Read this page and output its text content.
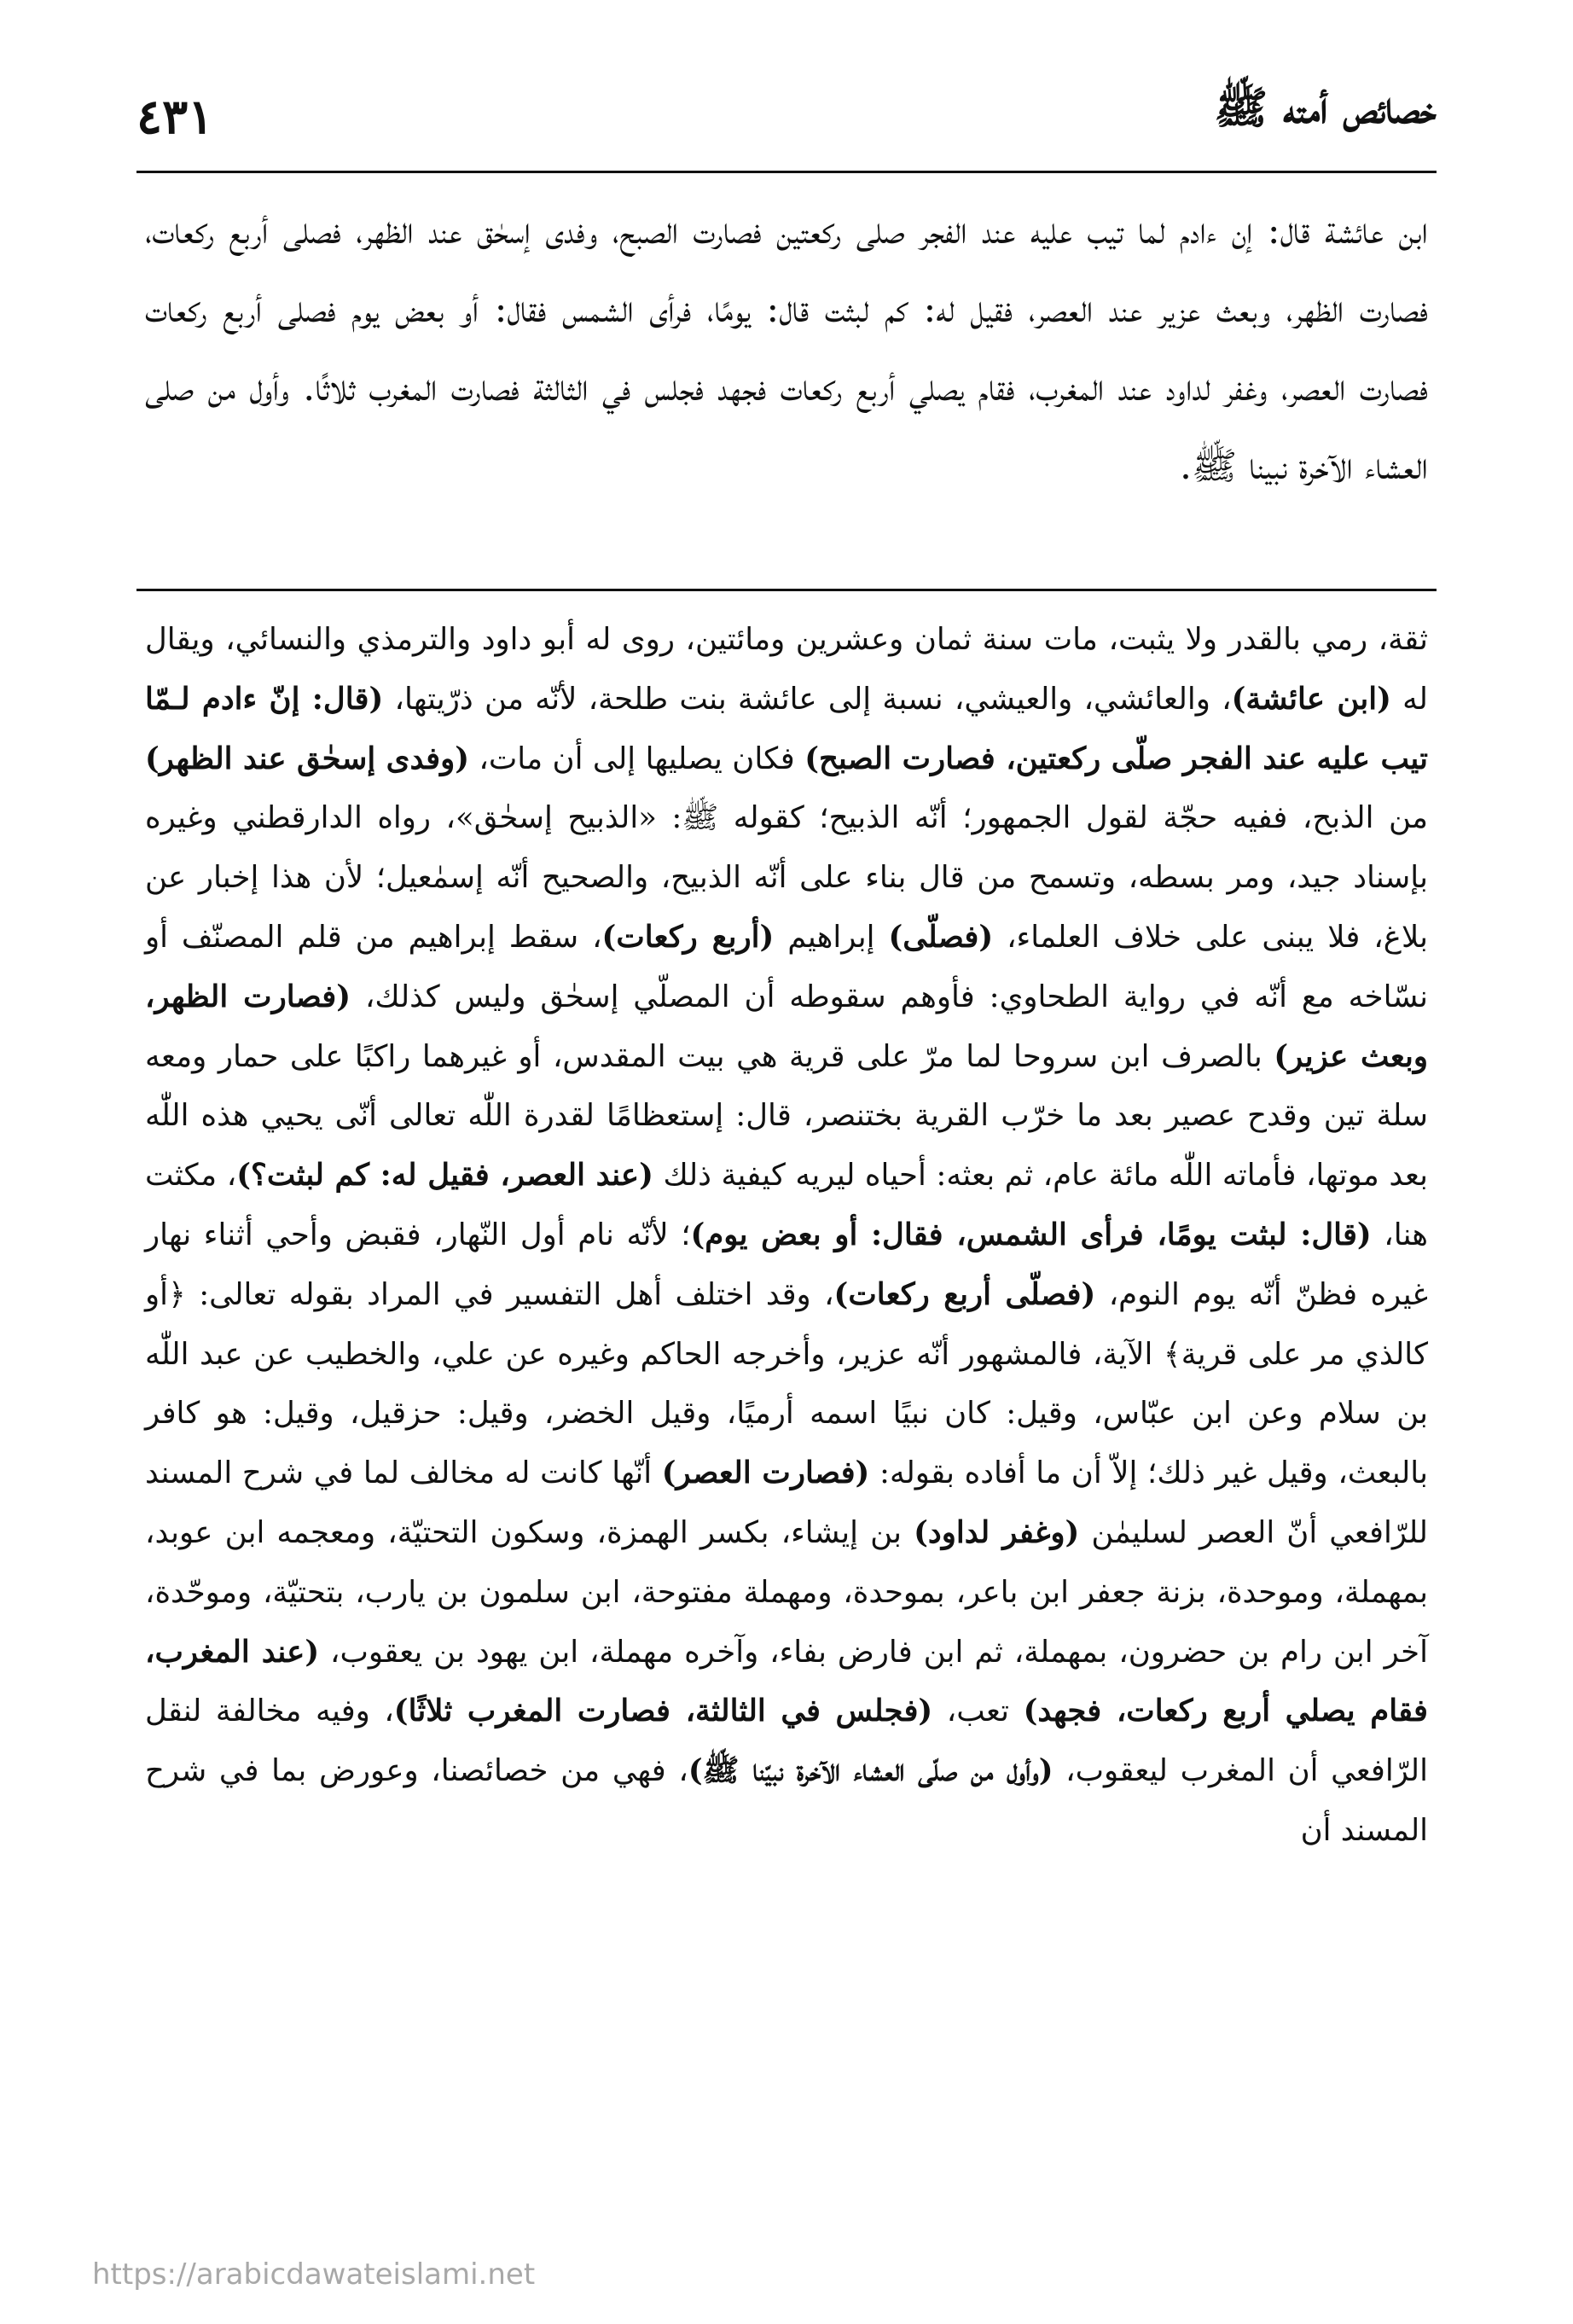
خصائص أمته ﷺ
٤٣١

ابن عائشة قال: إن ءادم لما تيب عليه عند الفجر صلى ركعتين فصارت الصبح، وفدى إسحٰق عند الظهر، فصلى أربع ركعات، فصارت الظهر، وبعث عزير عند العصر، فقيل له: كم لبثت قال: يومًا، فرأى الشمس فقال: أو بعض يوم فصلى أربع ركعات فصارت العصر، وغفر لداود عند المغرب، فقام يصلي أربع ركعات فجهد فجلس في الثالثة فصارت المغرب ثلاثًا. وأول من صلى العشاء الآخرة نبينا ﷺ.

ثقة، رمي بالقدر ولا يثبت، مات سنة ثمان وعشرين ومائتين، روى له أبو داود والترمذي والنسائي، ويقال له (ابن عائشة)، والعائشي، والعيشي، نسبة إلى عائشة بنت طلحة، لأنّه من ذرّيتها، (قال: إنّ ءادم لـمّا تيب عليه عند الفجر صلّى ركعتين، فصارت الصبح) فكان يصليها إلى أن مات، (وفدى إسحٰق عند الظهر) من الذبح، ففيه حجّة لقول الجمهور؛ أنّه الذبيح؛ كقوله ﷺ: «الذبيح إسحٰق»، رواه الدارقطني وغيره بإسناد جيد، ومر بسطه، وتسمح من قال بناء على أنّه الذبيح، والصحيح أنّه إسمٰعيل؛ لأن هذا إخبار عن بلاغ، فلا يبنى على خلاف العلماء، (فصلّى) إبراهيم (أربع ركعات)، سقط إبراهيم من قلم المصنّف أو نسّاخه مع أنّه في رواية الطحاوي: فأوهم سقوطه أن المصلّي إسحٰق وليس كذلك، (فصارت الظهر، وبعث عزير) بالصرف ابن سروحا لما مرّ على قرية هي بيت المقدس، أو غيرهما راكبًا على حمار ومعه سلة تين وقدح عصير بعد ما خرّب القرية بختنصر، قال: إستعظامًا لقدرة اللّٰه تعالى أنّى يحيي هذه اللّٰه بعد موتها، فأماته اللّٰه مائة عام، ثم بعثه: أحياه ليريه كيفية ذلك (عند العصر، فقيل له: كم لبثت؟)، مكثت هنا، (قال: لبثت يومًا، فرأى الشمس، فقال: أو بعض يوم)؛ لأنّه نام أول النّهار، فقبض وأحي أثناء نهار غيره فظنّ أنّه يوم النوم، (فصلّى أربع ركعات)، وقد اختلف أهل التفسير في المراد بقوله تعالى: ﴿أو كالذي مر على قرية﴾ الآية، فالمشهور أنّه عزير، وأخرجه الحاكم وغيره عن علي، والخطيب عن عبد اللّٰه بن سلام وعن ابن عبّاس، وقيل: كان نبيًا اسمه أرميًا، وقيل الخضر، وقيل: حزقيل، وقيل: هو كافر بالبعث، وقيل غير ذلك؛ إلاّ أن ما أفاده بقوله: (فصارت العصر) أنّها كانت له مخالف لما في شرح المسند للرّافعي أنّ العصر لسليمٰن (وغفر لداود) بن إيشاء، بكسر الهمزة، وسكون التحتيّة، ومعجمه ابن عوبد، بمهملة، وموحدة، بزنة جعفر ابن باعر، بموحدة، ومهملة مفتوحة، ابن سلمون بن يارب، بتحتيّة، وموحّدة، آخر ابن رام بن حضرون، بمهملة، ثم ابن فارض بفاء، وآخره مهملة، ابن يهود بن يعقوب، (عند المغرب، فقام يصلي أربع ركعات، فجهد) تعب، (فجلس في الثالثة، فصارت المغرب ثلاثًا)، وفيه مخالفة لنقل الرّافعي أن المغرب ليعقوب، (وأول من صلّى العشاء الآخرة نبيّنا ﷺ)، فهي من خصائصنا، وعورض بما في شرح المسند أن

https://arabicdawateislami.net
